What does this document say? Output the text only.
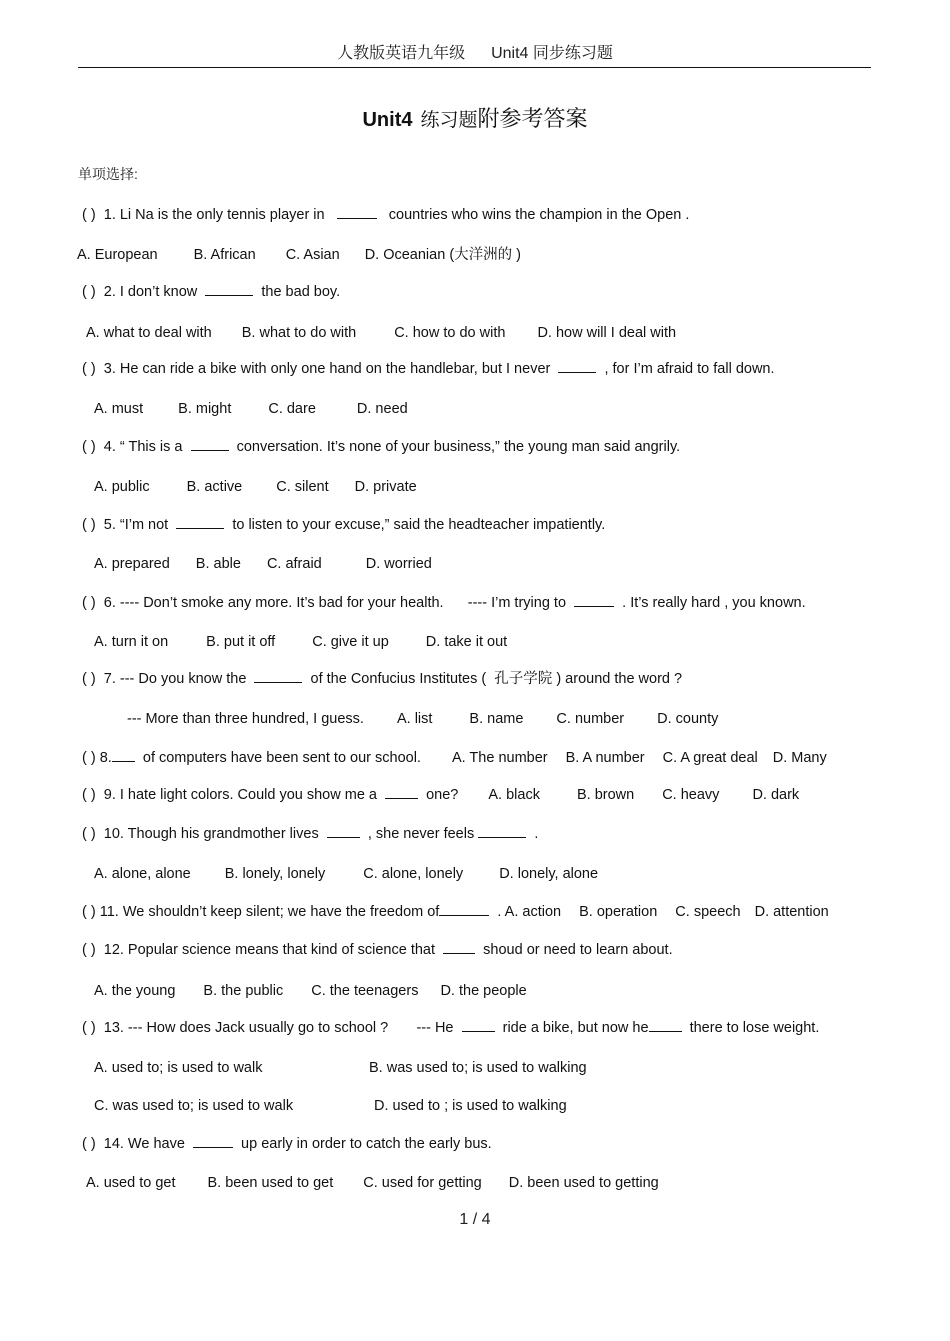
人教版英语九年级 Unit4 同步练习题
Unit4 练习题附参考答案
单项选择:
( ) 1. Li Na is the only tennis player in	countries who wins the champion in the Open .
A. European B. African C. Asian D. Oceanian (大洋洲的 )
( ) 2. I don’t know	the bad boy.
A. what to deal with B. what to do with	C. how to do with D. how will I deal with
( ) 3. He can ride a bike with only one hand on the handlebar, but I never	, for I’m afraid to fall down.
A. must B. might	C. dare	D. need
( ) 4. “ This is a	conversation. It’s none of your business,” the young man said angrily.
A. public	B. active C. silent D. private
( ) 5. “I’m not	to listen to your excuse,” said the headteacher impatiently.
A. prepared B. able C. afraid	D. worried
( ) 6. ---- Don’t smoke any more. It’s bad for your health.      ---- I’m trying to	. It’s really hard , you known.
A. turn it on	B. put it off	C. give it up	D. take it out
( ) 7. --- Do you know the	of the Confucius Institutes (  孔子学院 ) around the word ?
--- More than three hundred, I guess. A. list	B. name C. number D. county
( ) 8. of computers have been sent to our school. A. The number B. A number C. A great deal D. Many
( ) 9. I hate light colors. Could you show me a	one? A. black	B. brown C. heavy D. dark
( ) 10. Though his grandmother lives	, she never feels	.
A. alone, alone B. lonely, lonely	C. alone, lonely D. lonely, alone
( ) 11. We shouldn’t keep silent; we have the freedom of	. A. action B. operation C. speech D. attention
( ) 12. Popular science means that kind of science that	shoud or need to learn about.
A. the young B. the public C. the teenagers D. the people
( ) 13. --- How does Jack usually go to school ?       --- He	ride a bike, but now he	there to lose weight.
A. used to; is used to walk	B. was used to; is used to walking
C. was used to; is used to walk	D. used to ; is used to walking
( ) 14. We have	up early in order to catch the early bus.
A. used to get B. been used to get C. used for getting D. been used to getting
1 / 4
